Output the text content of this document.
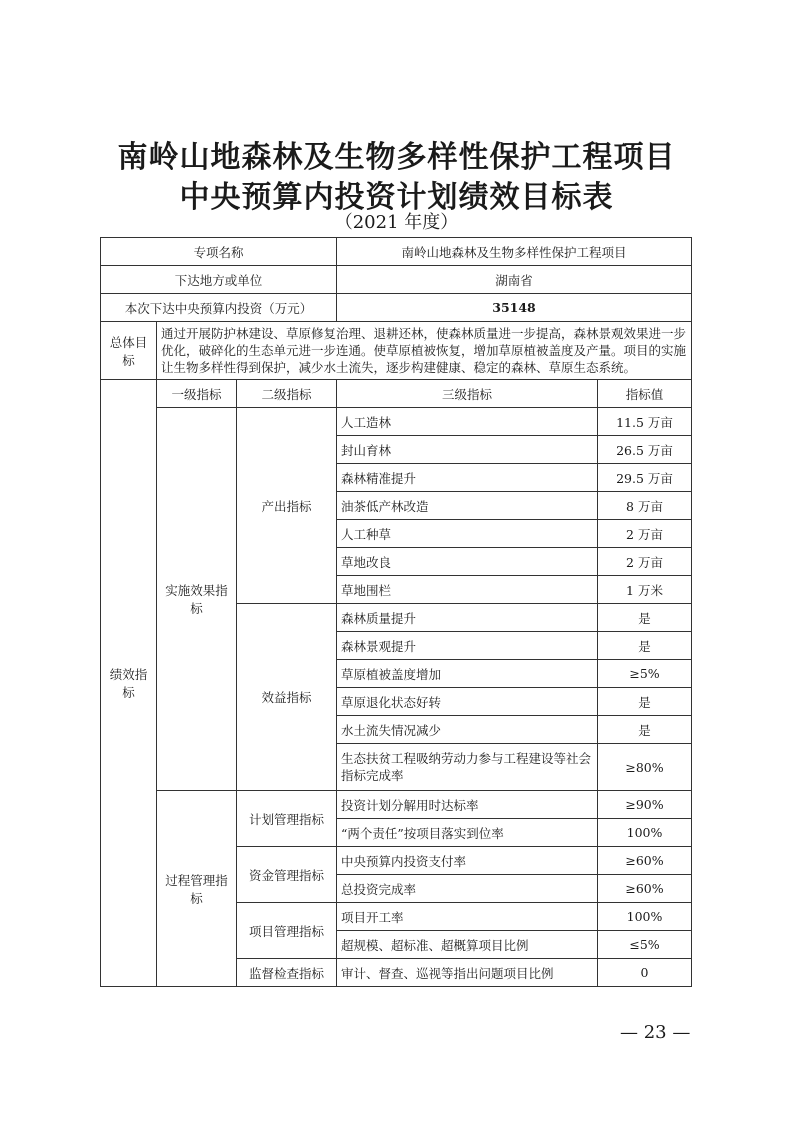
南岭山地森林及生物多样性保护工程项目
中央预算内投资计划绩效目标表
（2021 年度）
专项名称			南岭山地森林及生物多样性保护工程项目	
下达地方或单位			湖南省	
本次下达中央预算内投资（万元）			35148	
总体目标	通过开展防护林建设、草原修复治理、退耕还林，使森林质量进一步提高，森林景观效果进一步优化，破碎化的生态单元进一步连通。使草原植被恢复，增加草原植被盖度及产量。项目的实施让生物多样性得到保护，减少水土流失，逐步构建健康、稳定的森林、草原生态系统。			
绩效指标	一级指标	二级指标	三级指标	指标值
	实施效果指标	产出指标	人工造林	11.5 万亩
			封山育林	26.5 万亩
			森林精准提升	29.5 万亩
			油茶低产林改造	8 万亩
			人工种草	2 万亩
			草地改良	2 万亩
			草地围栏	1 万米
		效益指标	森林质量提升	是
			森林景观提升	是
			草原植被盖度增加	≥5%
			草原退化状态好转	是
			水土流失情况减少	是
			生态扶贫工程吸纳劳动力参与工程建设等社会指标完成率	≥80%
	过程管理指标	计划管理指标	投资计划分解用时达标率	≥90%
			“两个责任”按项目落实到位率	100%
		资金管理指标	中央预算内投资支付率	≥60%
			总投资完成率	≥60%
		项目管理指标	项目开工率	100%
			超规模、超标准、超概算项目比例	≤5%
		监督检查指标	审计、督查、巡视等指出问题项目比例	0
— 23 —
